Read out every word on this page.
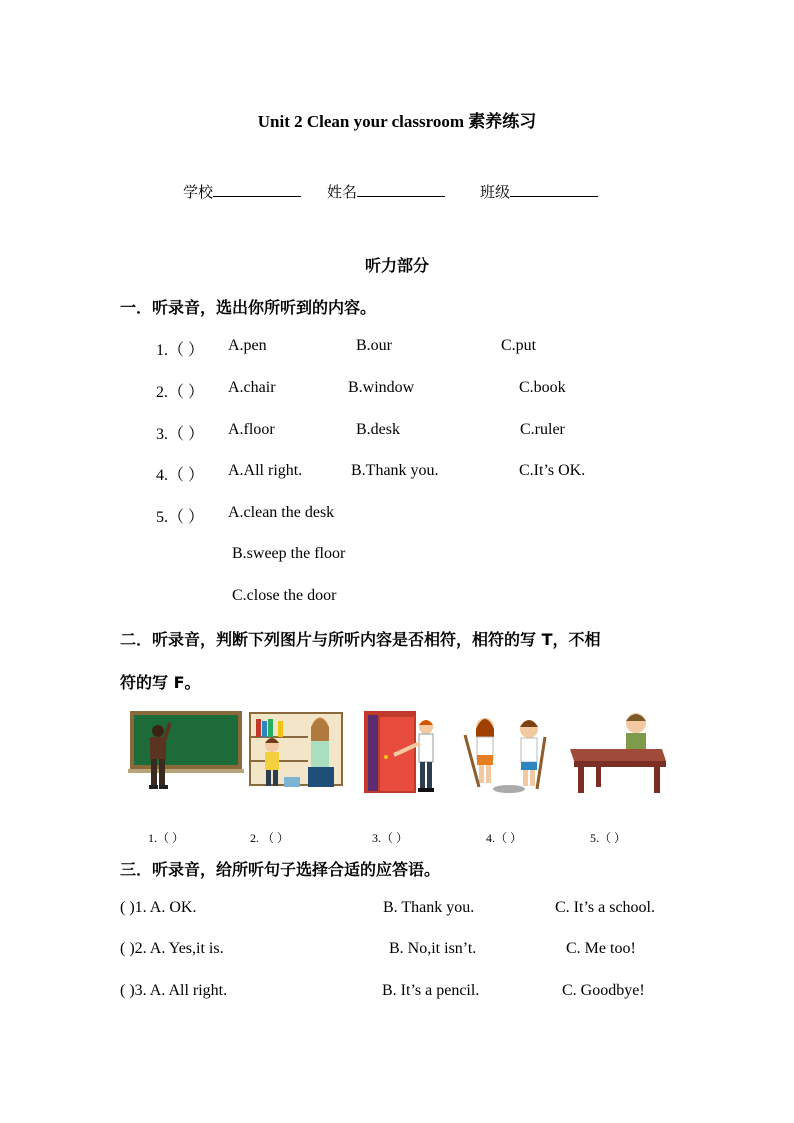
Unit 2 Clean your classroom 素养练习
学校	姓名	班级
听力部分
一．听录音，选出你所听到的内容。
1.（ ） A.pen	B.our	C.put
2.（ ） A.chair	B.window	C.book
3.（ ） A.floor	B.desk	C.ruler
4.（ ） A.All right.	B.Thank you.	C.It’s OK.
5.（ ） A.clean the desk
B.sweep the floor
C.close the door
二．听录音，判断下列图片与所听内容是否相符，相符的写 T，不相
符的写 F。
1.（ ）	2. （ ）	3.（ ）	4.（ ）	5.（ ）
三．听录音，给所听句子选择合适的应答语。
( )1. A. OK.	B. Thank you.	C. It’s a school.
( )2. A. Yes,it is.	B. No,it isn’t.	C. Me too!
( )3. A. All right.	B. It’s a pencil.	C. Goodbye!
